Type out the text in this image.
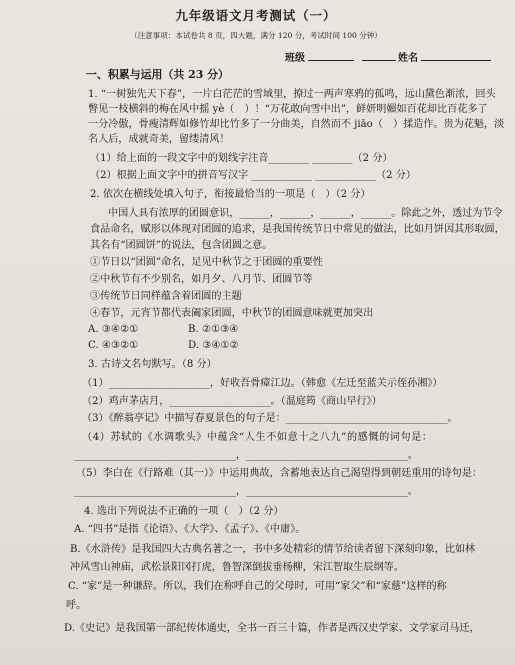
九年级语文月考测试（一）
（注意事项：本试卷共 8 页，四大题，满分 120 分，考试时间 100 分钟）
班级	姓名
一、积累与运用（共 23 分）
1. “一树独先天下春”，一片白茫茫的雪域里，撩过一两声寒鸦的孤鸣，远山黛色渐浓，回头
瞥见一枝横斜的梅在风中摇 yè（　）！“万花敢向雪中出”，鲜妍明媚如百花却比百花多了
一分冷傲，骨瘦清辉如修竹却比竹多了一分曲美，自然而不 jiāo（　）揉造作。贵为花魁，淡
名人后，成就奇美，留缕清风！
（1）给上面的一段文字中的划线字注音________ ________（2 分）
（2）根据上面文字中的拼音写汉字 ____________ ____________（2 分）
2. 依次在横线处填入句子，衔接最恰当的一项是（　）（2 分）
中国人具有浓厚的团圆意识，______，______，______，______。除此之外，透过为节令
食品命名，赋形以体现对团圆的追求，是我国传统节日中常见的做法，比如月饼因其形取圆，
其名有“团圆饼”的说法，包含团圆之意。
①节日以“团圆”命名，足见中秋节之于团圆的重要性
②中秋节有不少别名，如月夕、八月节、团圆节等
③传统节日同样蕴含着团圆的主题
④春节，元宵节都代表阖家团圆，中秋节的团圆意味就更加突出
A. ③④②①	B. ②①③④
C. ④③②①	D. ③④①②
3. 古诗文名句默写。（8 分）
（1）____________________，好收吾骨瘴江边。（韩愈《左迁至蓝关示侄孙湘》）
（2）鸡声茅店月，____________________。（温庭筠《商山早行》）
（3）《醉翁亭记》中描写春夏景色的句子是：________________________________。
（4）苏轼的《水调歌头》中蕴含“人生不如意十之八九”的感慨的词句是：
________________________________，________________________________。
（5）李白在《行路难（其一）》中运用典故，含蓄地表达自己渴望得到朝廷重用的诗句是：
________________________________，________________________________。
4. 选出下列说法不正确的一项（　）（2 分）
A. “四书”是指《论语》、《大学》、《孟子》、《中庸》。
B.《水浒传》是我国四大古典名著之一，书中多处精彩的情节给读者留下深刻印象，比如林
冲风雪山神庙，武松景阳冈打虎，鲁智深倒拔垂杨柳，宋江智取生辰纲等。
C. “家”是一种谦辞。所以，我们在称呼自己的父母时，可用“家父”和“家慈”这样的称
呼。
D.《史记》是我国第一部纪传体通史，全书一百三十篇，作者是西汉史学家、文学家司马迁，
